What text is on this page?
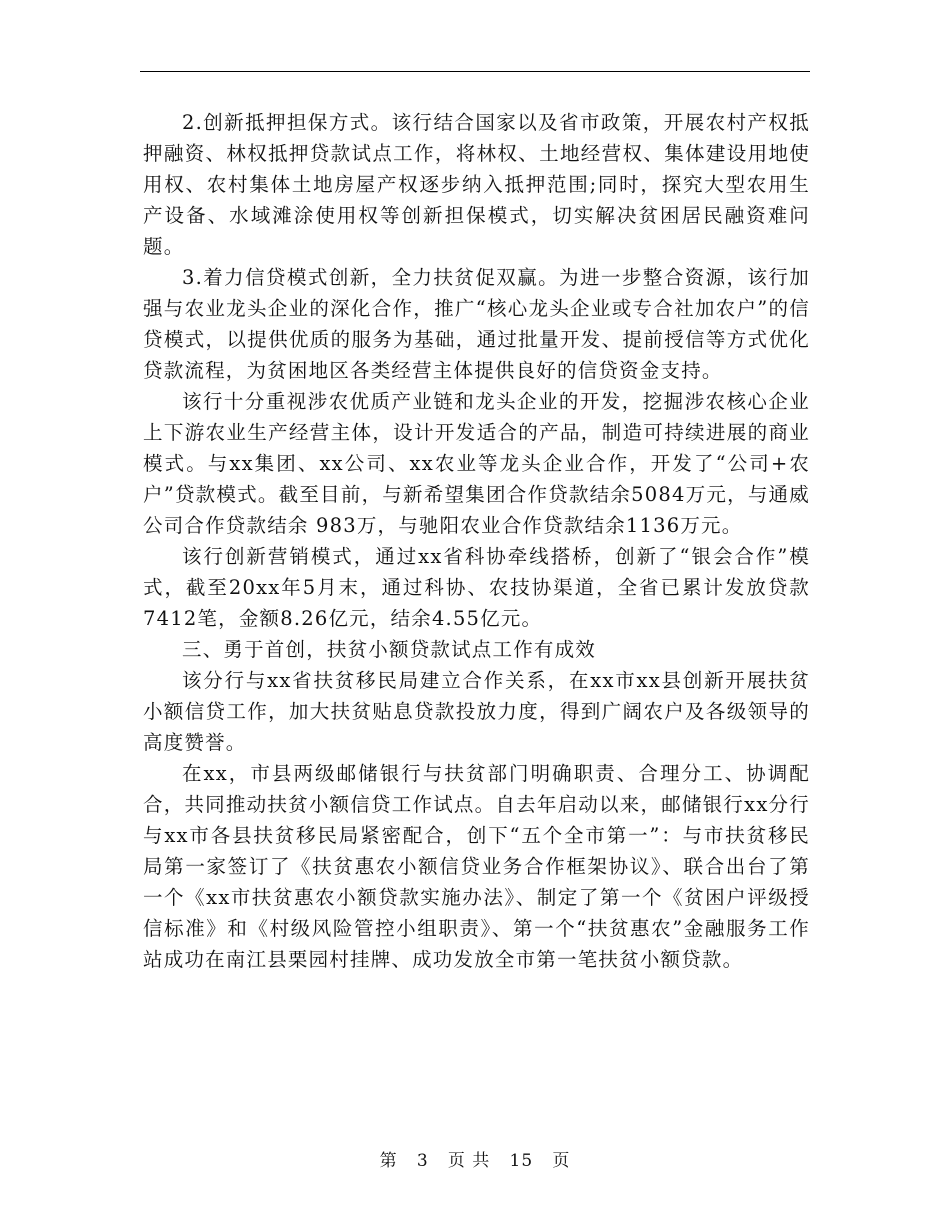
2.创新抵押担保方式。该行结合国家以及省市政策，开展农村产权抵押融资、林权抵押贷款试点工作，将林权、土地经营权、集体建设用地使用权、农村集体土地房屋产权逐步纳入抵押范围;同时，探究大型农用生产设备、水域滩涂使用权等创新担保模式，切实解决贫困居民融资难问题。

3.着力信贷模式创新，全力扶贫促双赢。为进一步整合资源，该行加强与农业龙头企业的深化合作，推广“核心龙头企业或专合社加农户”的信贷模式，以提供优质的服务为基础，通过批量开发、提前授信等方式优化贷款流程，为贫困地区各类经营主体提供良好的信贷资金支持。

该行十分重视涉农优质产业链和龙头企业的开发，挖掘涉农核心企业上下游农业生产经营主体，设计开发适合的产品，制造可持续进展的商业模式。与xx集团、xx公司、xx农业等龙头企业合作，开发了“公司+农户”贷款模式。截至目前，与新希望集团合作贷款结余5084万元，与通威公司合作贷款结余 983万，与驰阳农业合作贷款结余1136万元。

该行创新营销模式，通过xx省科协牵线搭桥，创新了“银会合作”模式，截至20xx年5月末，通过科协、农技协渠道，全省已累计发放贷款7412笔，金额8.26亿元，结余4.55亿元。

三、勇于首创，扶贫小额贷款试点工作有成效

该分行与xx省扶贫移民局建立合作关系，在xx市xx县创新开展扶贫小额信贷工作，加大扶贫贴息贷款投放力度，得到广阔农户及各级领导的高度赞誉。

在xx，市县两级邮储银行与扶贫部门明确职责、合理分工、协调配合，共同推动扶贫小额信贷工作试点。自去年启动以来，邮储银行xx分行与xx市各县扶贫移民局紧密配合，创下“五个全市第一”：与市扶贫移民局第一家签订了《扶贫惠农小额信贷业务合作框架协议》、联合出台了第一个《xx市扶贫惠农小额贷款实施办法》、制定了第一个《贫困户评级授信标准》和《村级风险管控小组职责》、第一个“扶贫惠农”金融服务工作站成功在南江县栗园村挂牌、成功发放全市第一笔扶贫小额贷款。

第 3 页 共 15 页
